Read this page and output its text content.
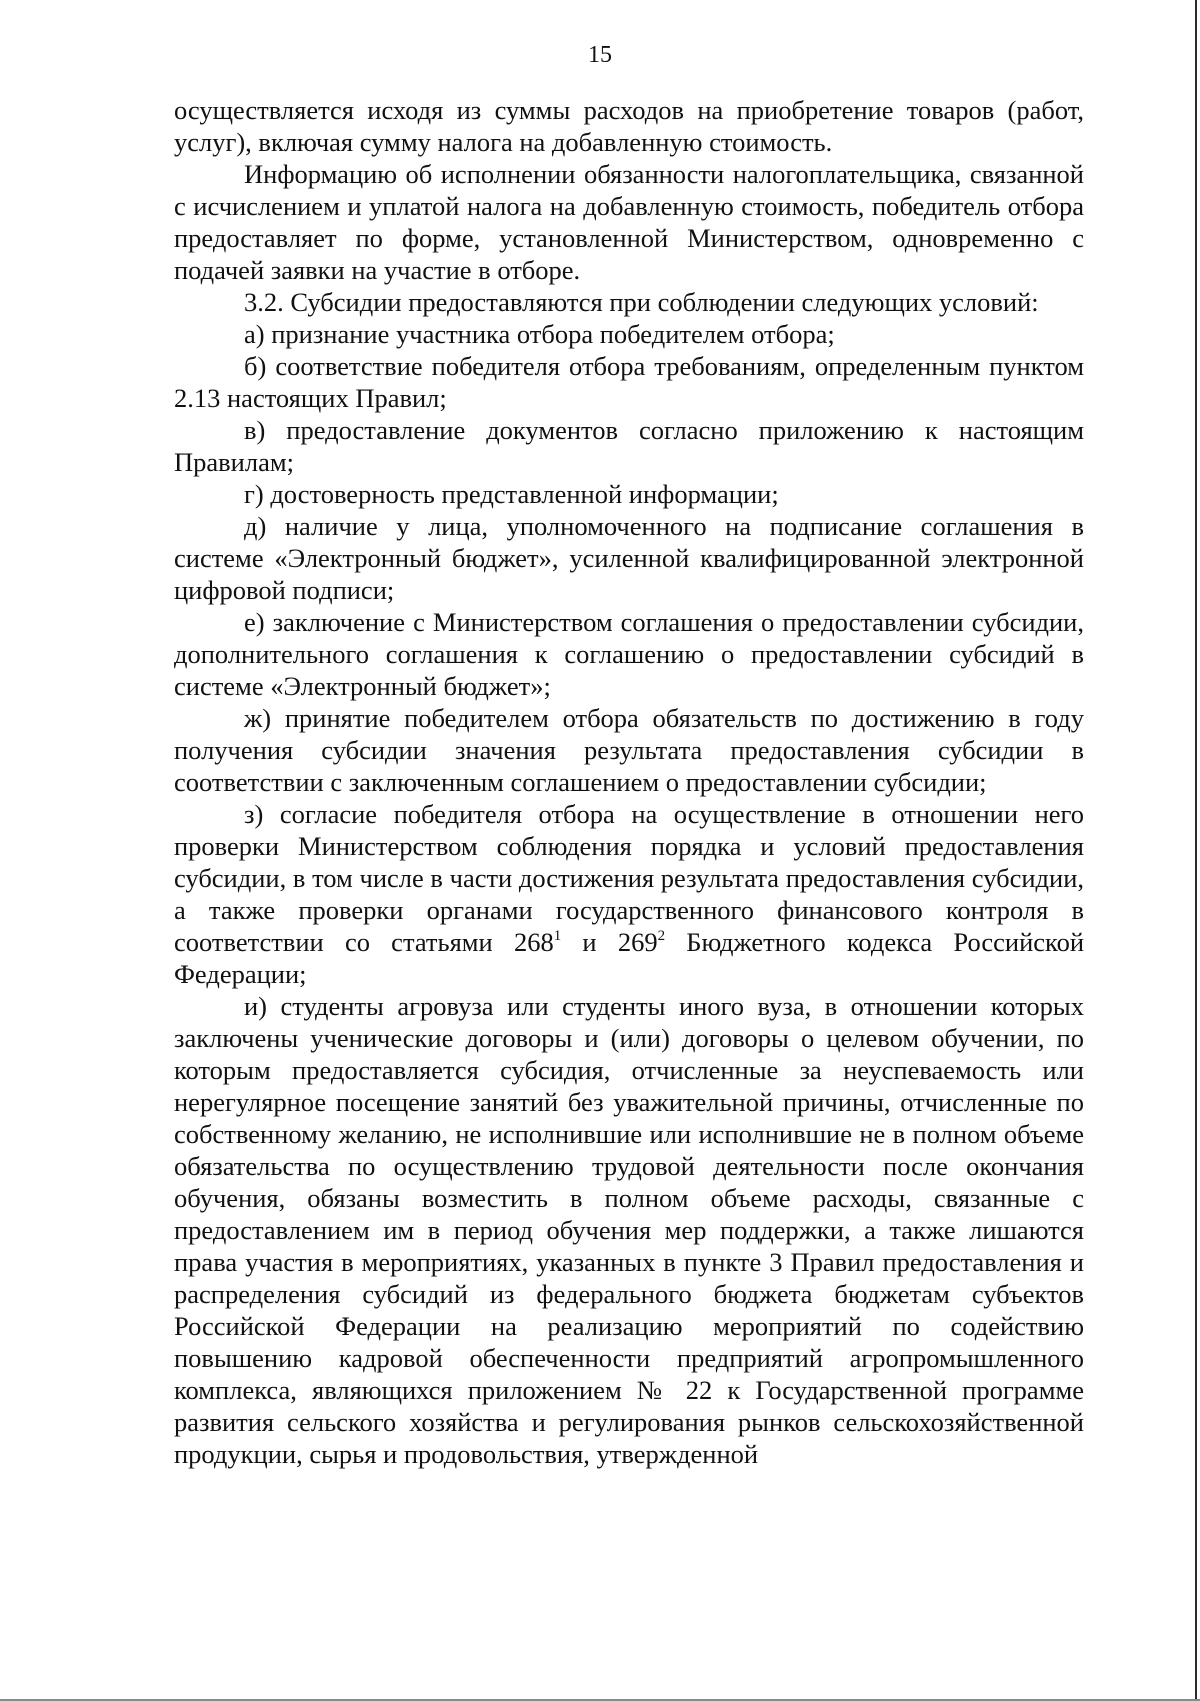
15

осуществляется исходя из суммы расходов на приобретение товаров (работ, услуг), включая сумму налога на добавленную стоимость.

Информацию об исполнении обязанности налогоплательщика, связанной с исчислением и уплатой налога на добавленную стоимость, победитель отбора предоставляет по форме, установленной Министерством, одновременно с подачей заявки на участие в отборе.

3.2. Субсидии предоставляются при соблюдении следующих условий:

а) признание участника отбора победителем отбора;

б) соответствие победителя отбора требованиям, определенным пунктом 2.13 настоящих Правил;

в) предоставление документов согласно приложению к настоящим Правилам;

г) достоверность представленной информации;

д) наличие у лица, уполномоченного на подписание соглашения в системе «Электронный бюджет», усиленной квалифицированной электронной цифровой подписи;

е) заключение с Министерством соглашения о предоставлении субсидии, дополнительного соглашения к соглашению о предоставлении субсидий в системе «Электронный бюджет»;

ж) принятие победителем отбора обязательств по достижению в году получения субсидии значения результата предоставления субсидии в соответствии с заключенным соглашением о предоставлении субсидии;

з) согласие победителя отбора на осуществление в отношении него проверки Министерством соблюдения порядка и условий предоставления субсидии, в том числе в части достижения результата предоставления субсидии, а также проверки органами государственного финансового контроля в соответствии со статьями $268^1$ и $269^2$ Бюджетного кодекса Российской Федерации;

и) студенты агровуза или студенты иного вуза, в отношении которых заключены ученические договоры и (или) договоры о целевом обучении, по которым предоставляется субсидия, отчисленные за неуспеваемость или нерегулярное посещение занятий без уважительной причины, отчисленные по собственному желанию, не исполнившие или исполнившие не в полном объеме обязательства по осуществлению трудовой деятельности после окончания обучения, обязаны возместить в полном объеме расходы, связанные с предоставлением им в период обучения мер поддержки, а также лишаются права участия в мероприятиях, указанных в пункте 3 Правил предоставления и распределения субсидий из федерального бюджета бюджетам субъектов Российской Федерации на реализацию мероприятий по содействию повышению кадровой обеспеченности предприятий агропромышленного комплекса, являющихся приложением № 22 к Государственной программе развития сельского хозяйства и регулирования рынков сельскохозяйственной продукции, сырья и продовольствия, утвержденной
